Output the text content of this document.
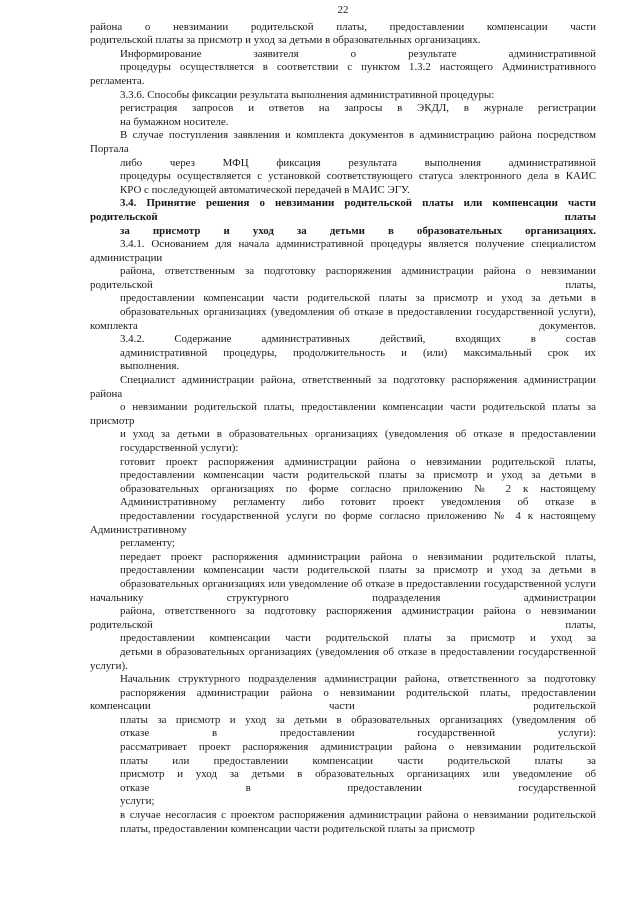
22

района о невзимании родительской платы, предоставлении компенсации части
родительской платы за присмотр и уход за детьми в образовательных организациях.

Информирование заявителя о результате административной
процедуры осуществляется в соответствии с пунктом 1.3.2 настоящего Административного регламента.

3.3.6. Способы фиксации результата выполнения административной процедуры:

регистрация запросов и ответов на запросы в ЭКДЛ, в журнале регистрации
на бумажном носителе.

В случае поступления заявления и комплекта документов в администрацию района посредством Портала
либо через МФЦ фиксация результата выполнения административной
процедуры осуществляется с установкой соответствующего статуса электронного дела в КАИС
КРО с последующей автоматической передачей в МАИС ЭГУ.

3.4. Принятие решения о невзимании родительской платы или компенсации части родительской платы
за присмотр и уход за детьми в образовательных организациях.

3.4.1. Основанием для начала административной процедуры является получение специалистом администрации
района, ответственным за подготовку распоряжения администрации района о невзимании родительской платы,
предоставлении компенсации части родительской платы за присмотр и уход за детьми в
образовательных организациях (уведомления об отказе в предоставлении государственной услуги), комплекта документов.

3.4.2. Содержание административных действий, входящих в состав
административной процедуры, продолжительность и (или) максимальный срок их
выполнения.

Специалист администрации района, ответственный за подготовку распоряжения администрации района
о невзимании родительской платы, предоставлении компенсации части родительской платы за присмотр
и уход за детьми в образовательных организациях (уведомления об отказе в предоставлении
государственной услуги):

готовит проект распоряжения администрации района о невзимании родительской платы,
предоставлении компенсации части родительской платы за присмотр и уход за детьми в
образовательных организациях по форме согласно приложению № 2 к настоящему
Административному регламенту либо готовит проект уведомления об отказе в
предоставлении государственной услуги по форме согласно приложению № 4 к настоящему Административному
регламенту;

передает проект распоряжения администрации района о невзимании родительской платы,
предоставлении компенсации части родительской платы за присмотр и уход за детьми в
образовательных организациях или уведомление об отказе в предоставлении государственной услуги начальнику структурного подразделения администрации
района, ответственного за подготовку распоряжения администрации района о невзимании родительской платы,
предоставлении компенсации части родительской платы за присмотр и уход за
детьми в образовательных организациях (уведомления об отказе в предоставлении государственной услуги).

Начальник структурного подразделения администрации района, ответственного за подготовку
распоряжения администрации района о невзимании родительской платы, предоставлении компенсации части родительской
платы за присмотр и уход за детьми в образовательных организациях (уведомления об
отказе в предоставлении государственной услуги):

рассматривает проект распоряжения администрации района о невзимании родительской
платы или предоставлении компенсации части родительской платы за
присмотр и уход за детьми в образовательных организациях или уведомление об
отказе в предоставлении государственной
услуги;

в случае несогласия с проектом распоряжения администрации района о невзимании родительской
платы, предоставлении компенсации части родительской платы за присмотр
